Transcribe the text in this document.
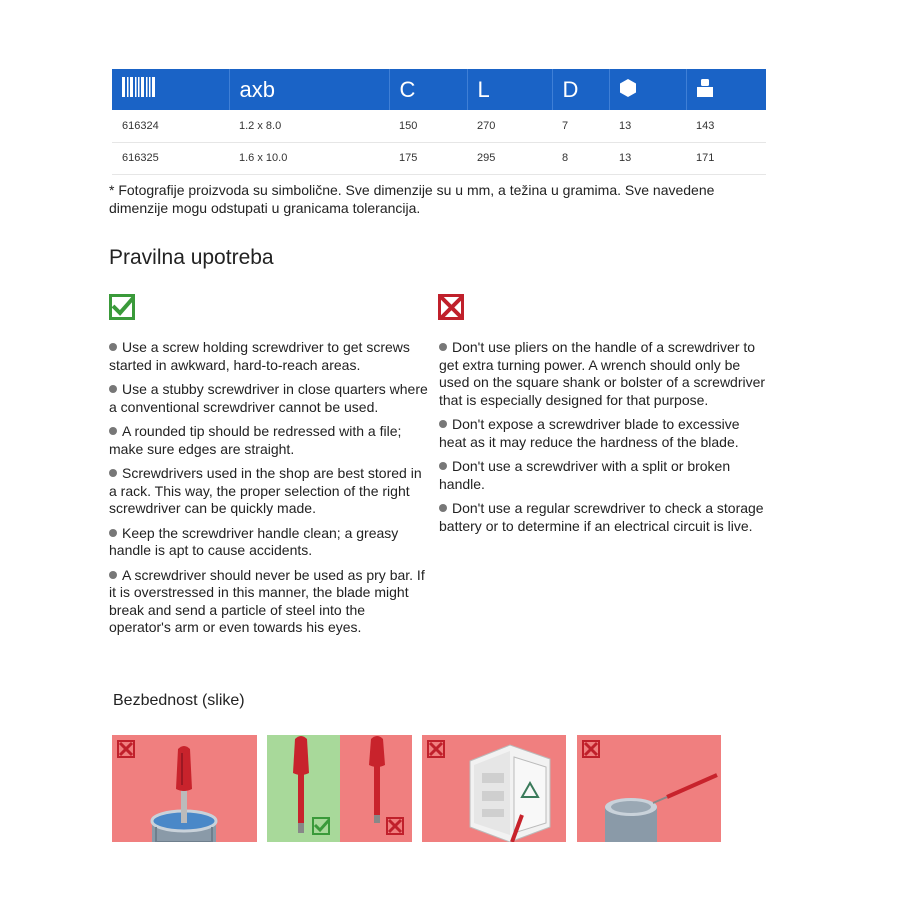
	axb	C	L	D		
616324	1.2 x 8.0	150	270	7	13	143
616325	1.6 x 10.0	175	295	8	13	171

* Fotografije proizvoda su simbolične. Sve dimenzije su u mm, a težina u gramima. Sve navedene dimenzije mogu odstupati u granicama tolerancija.

Pravilna upotreba

Use a screw holding screwdriver to get screws started in awkward, hard-to-reach areas.

Use a stubby screwdriver in close quarters where a conventional screwdriver cannot be used.

A rounded tip should be redressed with a file; make sure edges are straight.

Screwdrivers used in the shop are best stored in a rack. This way, the proper selection of the right screwdriver can be quickly made.

Keep the screwdriver handle clean; a greasy handle is apt to cause accidents.

A screwdriver should never be used as pry bar. If it is overstressed in this manner, the blade might break and send a particle of steel into the operator's arm or even towards his eyes.

Don't use pliers on the handle of a screwdriver to get extra turning power. A wrench should only be used on the square shank or bolster of a screwdriver that is especially designed for that purpose.

Don't expose a screwdriver blade to excessive heat as it may reduce the hardness of the blade.

Don't use a screwdriver with a split or broken handle.

Don't use a regular screwdriver to check a storage battery or to determine if an electrical circuit is live.

Bezbednost (slike)
